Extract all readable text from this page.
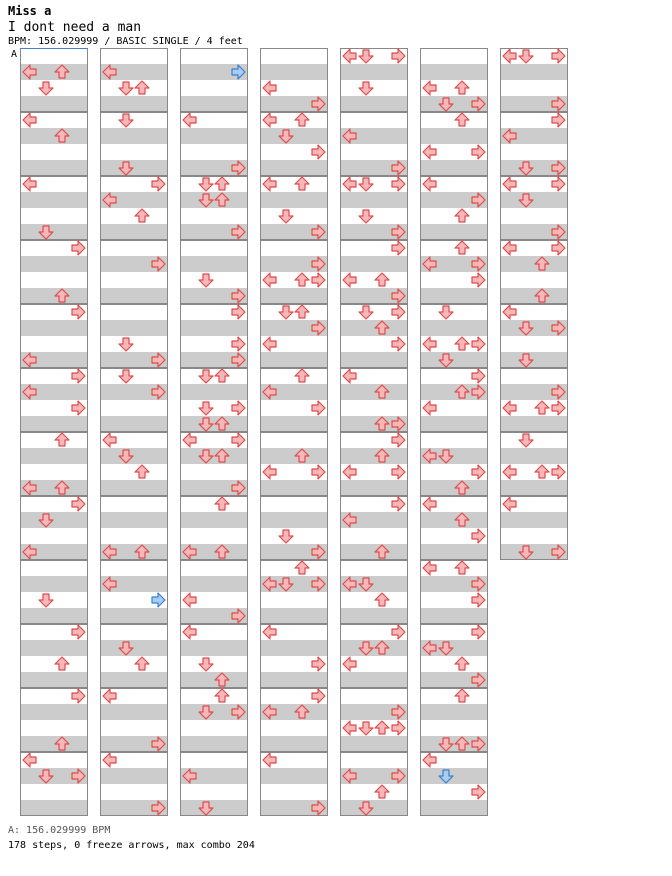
Miss a
I dont need a man
BPM: 156.029999 / BASIC SINGLE / 4 feet
A
A: 156.029999 BPM
178 steps, 0 freeze arrows, max combo 204
